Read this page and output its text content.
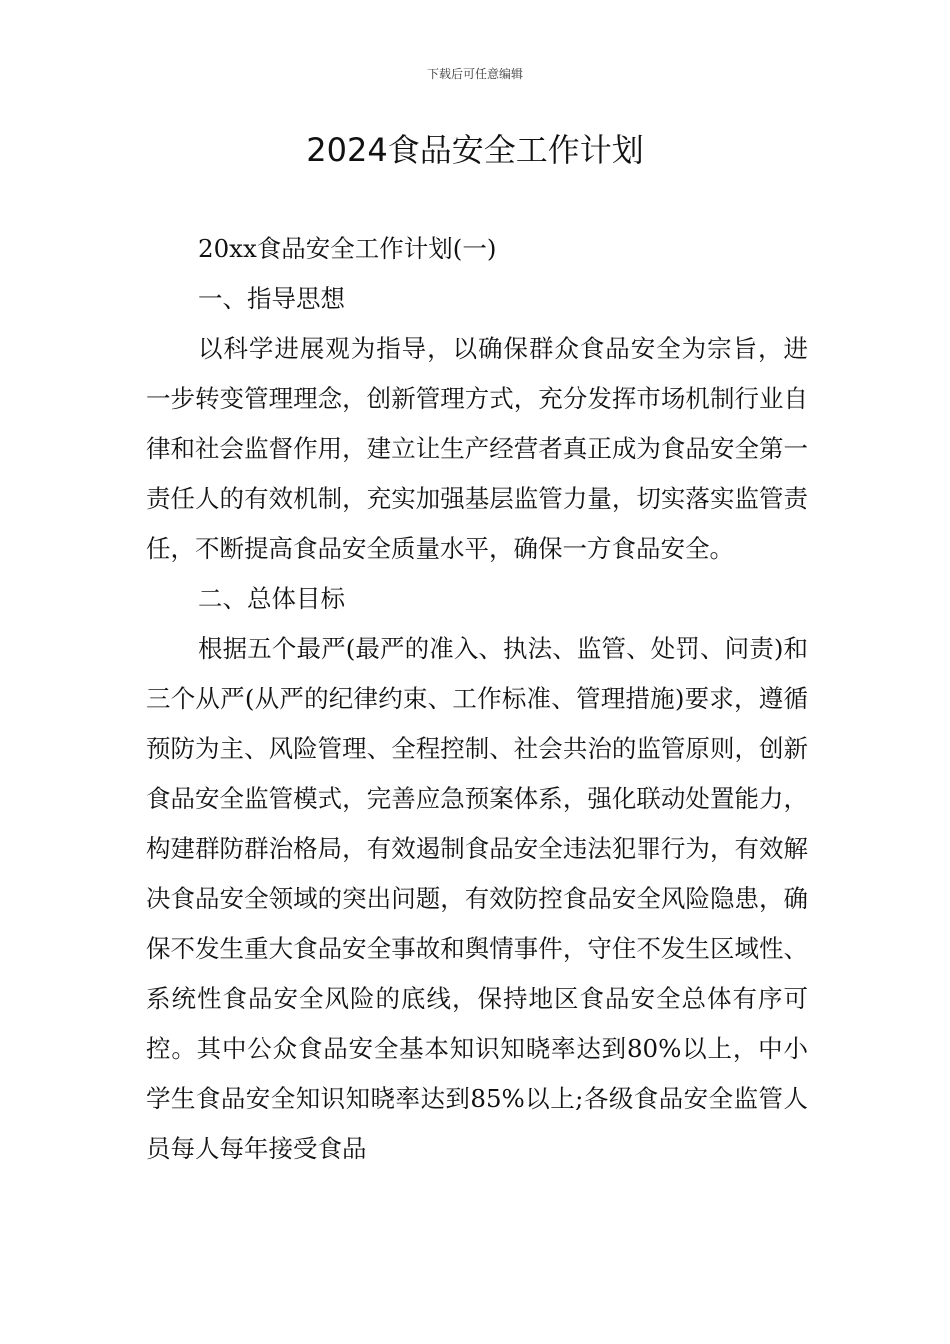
下载后可任意编辑
2024食品安全工作计划

20xx食品安全工作计划(一)

一、指导思想

以科学进展观为指导，以确保群众食品安全为宗旨，进一步转变管理理念，创新管理方式，充分发挥市场机制行业自律和社会监督作用，建立让生产经营者真正成为食品安全第一责任人的有效机制，充实加强基层监管力量，切实落实监管责任，不断提高食品安全质量水平，确保一方食品安全。

二、总体目标

根据五个最严(最严的准入、执法、监管、处罚、问责)和三个从严(从严的纪律约束、工作标准、管理措施)要求，遵循预防为主、风险管理、全程控制、社会共治的监管原则，创新食品安全监管模式，完善应急预案体系，强化联动处置能力，构建群防群治格局，有效遏制食品安全违法犯罪行为，有效解决食品安全领域的突出问题，有效防控食品安全风险隐患，确保不发生重大食品安全事故和舆情事件，守住不发生区域性、系统性食品安全风险的底线，保持地区食品安全总体有序可控。其中公众食品安全基本知识知晓率达到80%以上，中小学生食品安全知识知晓率达到85%以上;各级食品安全监管人员每人每年接受食品
